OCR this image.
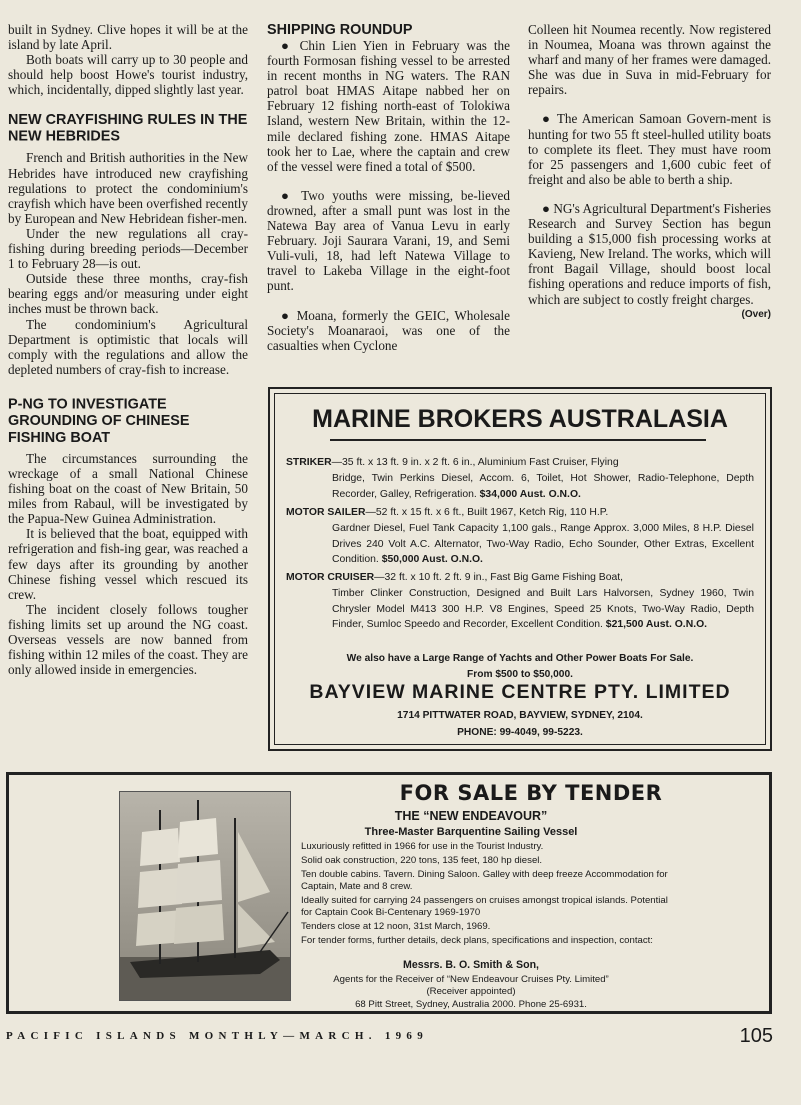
built in Sydney. Clive hopes it will be at the island by late April.

Both boats will carry up to 30 people and should help boost Howe's tourist industry, which, incidentally, dipped slightly last year.

NEW CRAYFISHING RULES IN THE NEW HEBRIDES

French and British authorities in the New Hebrides have introduced new crayfishing regulations to protect the condominium's crayfish which have been overfished recently by European and New Hebridean fisher-men.

Under the new regulations all cray-fishing during breeding periods—December 1 to February 28—is out.

Outside these three months, cray-fish bearing eggs and/or measuring under eight inches must be thrown back.

The condominium's Agricultural Department is optimistic that locals will comply with the regulations and allow the depleted numbers of cray-fish to increase.

P-NG TO INVESTIGATE GROUNDING OF CHINESE FISHING BOAT

The circumstances surrounding the wreckage of a small National Chinese fishing boat on the coast of New Britain, 50 miles from Rabaul, will be investigated by the Papua-New Guinea Administration.

It is believed that the boat, equipped with refrigeration and fish-ing gear, was reached a few days after its grounding by another Chinese fishing vessel which rescued its crew.

The incident closely follows tougher fishing limits set up around the NG coast. Overseas vessels are now banned from fishing within 12 miles of the coast. They are only allowed inside in emergencies.

SHIPPING ROUNDUP

● Chin Lien Yien in February was the fourth Formosan fishing vessel to be arrested in recent months in NG waters. The RAN patrol boat HMAS Aitape nabbed her on February 12 fishing north-east of Tolokiwa Island, western New Britain, within the 12-mile declared fishing zone. HMAS Aitape took her to Lae, where the captain and crew of the vessel were fined a total of $500.

● Two youths were missing, be-lieved drowned, after a small punt was lost in the Natewa Bay area of Vanua Levu in early February. Joji Saurara Varani, 19, and Semi Vuli-vuli, 18, had left Natewa Village to travel to Lakeba Village in the eight-foot punt.

● Moana, formerly the GEIC, Wholesale Society's Moanaraoi, was one of the casualties when Cyclone

Colleen hit Noumea recently. Now registered in Noumea, Moana was thrown against the wharf and many of her frames were damaged. She was due in Suva in mid-February for repairs.

● The American Samoan Govern-ment is hunting for two 55 ft steel-hulled utility boats to complete its fleet. They must have room for 25 passengers and 1,600 cubic feet of freight and also be able to berth a ship.

● NG's Agricultural Department's Fisheries Research and Survey Section has begun building a $15,000 fish processing works at Kavieng, New Ireland. The works, which will front Bagail Village, should boost local fishing operations and reduce imports of fish, which are subject to costly freight charges.

(Over)
MARINE BROKERS AUSTRALASIA
STRIKER—35 ft. x 13 ft. 9 in. x 2 ft. 6 in., Aluminium Fast Cruiser, Flying
Bridge, Twin Perkins Diesel, Accom. 6, Toilet, Hot Shower, Radio-Telephone, Depth Recorder, Galley, Refrigeration. $34,000 Aust. O.N.O.
MOTOR SAILER—52 ft. x 15 ft. x 6 ft., Built 1967, Ketch Rig, 110 H.P.
Gardner Diesel, Fuel Tank Capacity 1,100 gals., Range Approx. 3,000 Miles, 8 H.P. Diesel Drives 240 Volt A.C. Alternator, Two-Way Radio, Echo Sounder, Other Extras, Excellent Condition. $50,000 Aust. O.N.O.
MOTOR CRUISER—32 ft. x 10 ft. 2 ft. 9 in., Fast Big Game Fishing Boat,
Timber Clinker Construction, Designed and Built Lars Halvorsen, Sydney 1960, Twin Chrysler Model M413 300 H.P. V8 Engines, Speed 25 Knots, Two-Way Radio, Depth Finder, Sumloc Speedo and Recorder, Excellent Condition. $21,500 Aust. O.N.O.
We also have a Large Range of Yachts and Other Power Boats For Sale.
From $500 to $50,000.
BAYVIEW MARINE CENTRE PTY. LIMITED
1714 PITTWATER ROAD, BAYVIEW, SYDNEY, 2104.
PHONE: 99-4049, 99-5223.
FOR SALE BY TENDER
THE “NEW ENDEAVOUR”
Three-Master Barquentine Sailing Vessel
Luxuriously refitted in 1966 for use in the Tourist Industry.
Solid oak construction, 220 tons, 135 feet, 180 hp diesel.
Ten double cabins. Tavern. Dining Saloon. Galley with deep freeze Accommodation for Captain, Mate and 8 crew.
Ideally suited for carrying 24 passengers on cruises amongst tropical islands. Potential for Captain Cook Bi-Centenary 1969-1970
Tenders close at 12 noon, 31st March, 1969.
For tender forms, further details, deck plans, specifications and inspection, contact:
Messrs. B. O. Smith & Son,
Agents for the Receiver of “New Endeavour Cruises Pty. Limited”
(Receiver appointed)
68 Pitt Street, Sydney, Australia 2000. Phone 25-6931.
PACIFIC ISLANDS MONTHLY—MARCH. 1969	105
